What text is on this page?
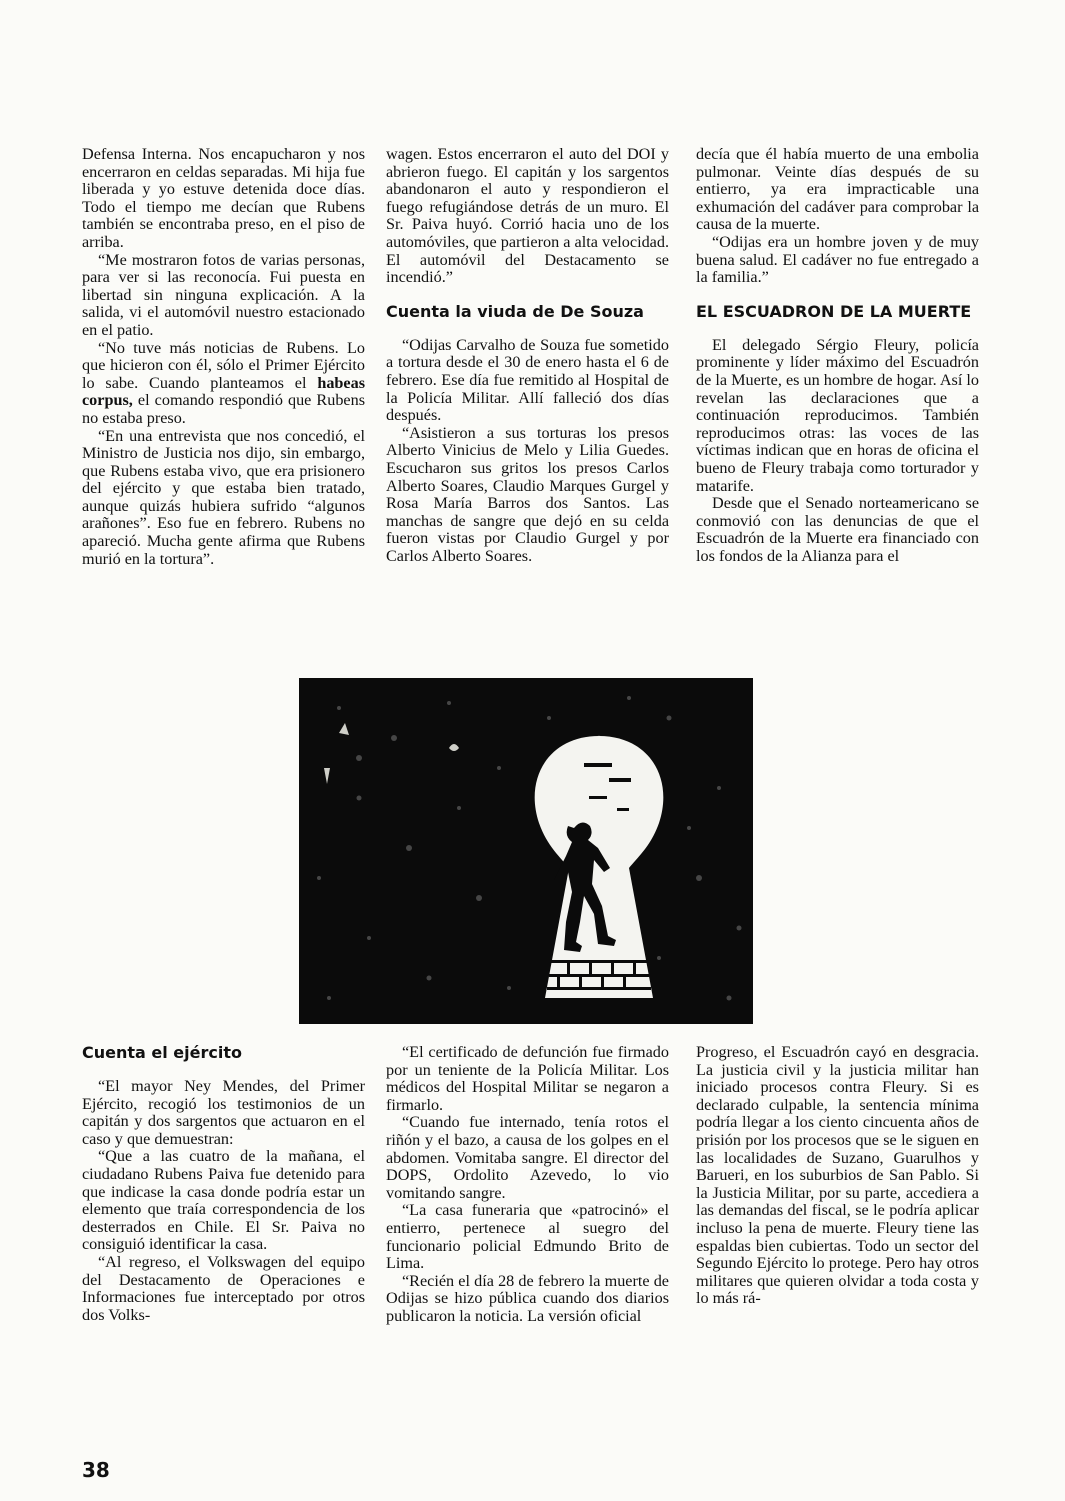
Defensa Interna. Nos encapucharon y nos encerraron en celdas separadas. Mi hija fue liberada y yo estuve detenida doce días. Todo el tiempo me decían que Rubens también se encontraba preso, en el piso de arriba.

“Me mostraron fotos de varias personas, para ver si las reconocía. Fui puesta en libertad sin ninguna explicación. A la salida, vi el automóvil nuestro estacionado en el patio.

“No tuve más noticias de Rubens. Lo que hicieron con él, sólo el Primer Ejército lo sabe. Cuando planteamos el habeas corpus, el comando respondió que Rubens no estaba preso.

“En una entrevista que nos concedió, el Ministro de Justicia nos dijo, sin embargo, que Rubens estaba vivo, que era prisionero del ejército y que estaba bien tratado, aunque quizás hubiera sufrido “algunos arañones”. Eso fue en febrero. Rubens no apareció. Mucha gente afirma que Rubens murió en la tortura”.

wagen. Estos encerraron el auto del DOI y abrieron fuego. El capitán y los sargentos abandonaron el auto y respondieron el fuego refugiándose detrás de un muro. El Sr. Paiva huyó. Corrió hacia uno de los automóviles, que partieron a alta velocidad. El automóvil del Destacamento se incendió.”

Cuenta la viuda de De Souza

“Odijas Carvalho de Souza fue sometido a tortura desde el 30 de enero hasta el 6 de febrero. Ese día fue remitido al Hospital de la Policía Militar. Allí falleció dos días después.

“Asistieron a sus torturas los presos Alberto Vinicius de Melo y Lilia Guedes. Escucharon sus gritos los presos Carlos Alberto Soares, Claudio Marques Gurgel y Rosa María Barros dos Santos. Las manchas de sangre que dejó en su celda fueron vistas por Claudio Gurgel y por Carlos Alberto Soares.

decía que él había muerto de una embolia pulmonar. Veinte días después de su entierro, ya era impracticable una exhumación del cadáver para comprobar la causa de la muerte.

“Odijas era un hombre joven y de muy buena salud. El cadáver no fue entregado a la familia.”

EL ESCUADRON DE LA MUERTE

El delegado Sérgio Fleury, policía prominente y líder máximo del Escuadrón de la Muerte, es un hombre de hogar. Así lo revelan las declaraciones que a continuación reproducimos. También reproducimos otras: las voces de las víctimas indican que en horas de oficina el bueno de Fleury trabaja como torturador y matarife.

Desde que el Senado norteamericano se conmovió con las denuncias de que el Escuadrón de la Muerte era financiado con los fondos de la Alianza para el

Cuenta el ejército

“El mayor Ney Mendes, del Primer Ejército, recogió los testimonios de un capitán y dos sargentos que actuaron en el caso y que demuestran:

“Que a las cuatro de la mañana, el ciudadano Rubens Paiva fue detenido para que indicase la casa donde podría estar un elemento que traía correspondencia de los desterrados en Chile. El Sr. Paiva no consiguió identificar la casa.

“Al regreso, el Volkswagen del equipo del Destacamento de Operaciones e Informaciones fue interceptado por otros dos Volks-

“El certificado de defunción fue firmado por un teniente de la Policía Militar. Los médicos del Hospital Militar se negaron a firmarlo.

“Cuando fue internado, tenía rotos el riñón y el bazo, a causa de los golpes en el abdomen. Vomitaba sangre. El director del DOPS, Ordolito Azevedo, lo vio vomitando sangre.

“La casa funeraria que «patrocinó» el entierro, pertenece al suegro del funcionario policial Edmundo Brito de Lima.

“Recién el día 28 de febrero la muerte de Odijas se hizo pública cuando dos diarios publicaron la noticia. La versión oficial

Progreso, el Escuadrón cayó en desgracia. La justicia civil y la justicia militar han iniciado procesos contra Fleury. Si es declarado culpable, la sentencia mínima podría llegar a los ciento cincuenta años de prisión por los procesos que se le siguen en las localidades de Suzano, Guarulhos y Barueri, en los suburbios de San Pablo. Si la Justicia Militar, por su parte, accediera a las demandas del fiscal, se le podría aplicar incluso la pena de muerte. Fleury tiene las espaldas bien cubiertas. Todo un sector del Segundo Ejército lo protege. Pero hay otros militares que quieren olvidar a toda costa y lo más rá-

38
